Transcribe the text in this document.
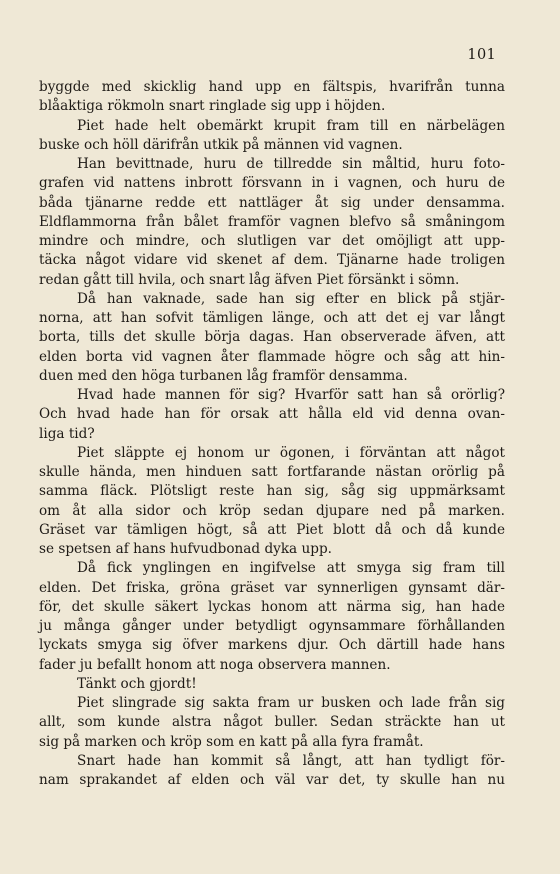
101
byggde med skicklig hand upp en fältspis, hvarifrån tunna
blåaktiga rökmoln snart ringlade sig upp i höjden.
Piet hade helt obemärkt krupit fram till en närbelägen
buske och höll därifrån utkik på männen vid vagnen.
Han bevittnade, huru de tillredde sin måltid, huru foto-
grafen vid nattens inbrott försvann in i vagnen, och huru de
båda tjänarne redde ett nattläger åt sig under densamma.
Eldflammorna från bålet framför vagnen blefvo så småningom
mindre och mindre, och slutligen var det omöjligt att upp-
täcka något vidare vid skenet af dem. Tjänarne hade troligen
redan gått till hvila, och snart låg äfven Piet försänkt i sömn.
Då han vaknade, sade han sig efter en blick på stjär-
norna, att han sofvit tämligen länge, och att det ej var långt
borta, tills det skulle börja dagas. Han observerade äfven, att
elden borta vid vagnen åter flammade högre och såg att hin-
duen med den höga turbanen låg framför densamma.
Hvad hade mannen för sig? Hvarför satt han så orörlig?
Och hvad hade han för orsak att hålla eld vid denna ovan-
liga tid?
Piet släppte ej honom ur ögonen, i förväntan att något
skulle hända, men hinduen satt fortfarande nästan orörlig på
samma fläck. Plötsligt reste han sig, såg sig uppmärksamt
om åt alla sidor och kröp sedan djupare ned på marken.
Gräset var tämligen högt, så att Piet blott då och då kunde
se spetsen af hans hufvudbonad dyka upp.
Då fick ynglingen en ingifvelse att smyga sig fram till
elden. Det friska, gröna gräset var synnerligen gynsamt där-
för, det skulle säkert lyckas honom att närma sig, han hade
ju många gånger under betydligt ogynsammare förhållanden
lyckats smyga sig öfver markens djur. Och därtill hade hans
fader ju befallt honom att noga observera mannen.
Tänkt och gjordt!
Piet slingrade sig sakta fram ur busken och lade från sig
allt, som kunde alstra något buller. Sedan sträckte han ut
sig på marken och kröp som en katt på alla fyra framåt.
Snart hade han kommit så långt, att han tydligt för-
nam sprakandet af elden och väl var det, ty skulle han nu
